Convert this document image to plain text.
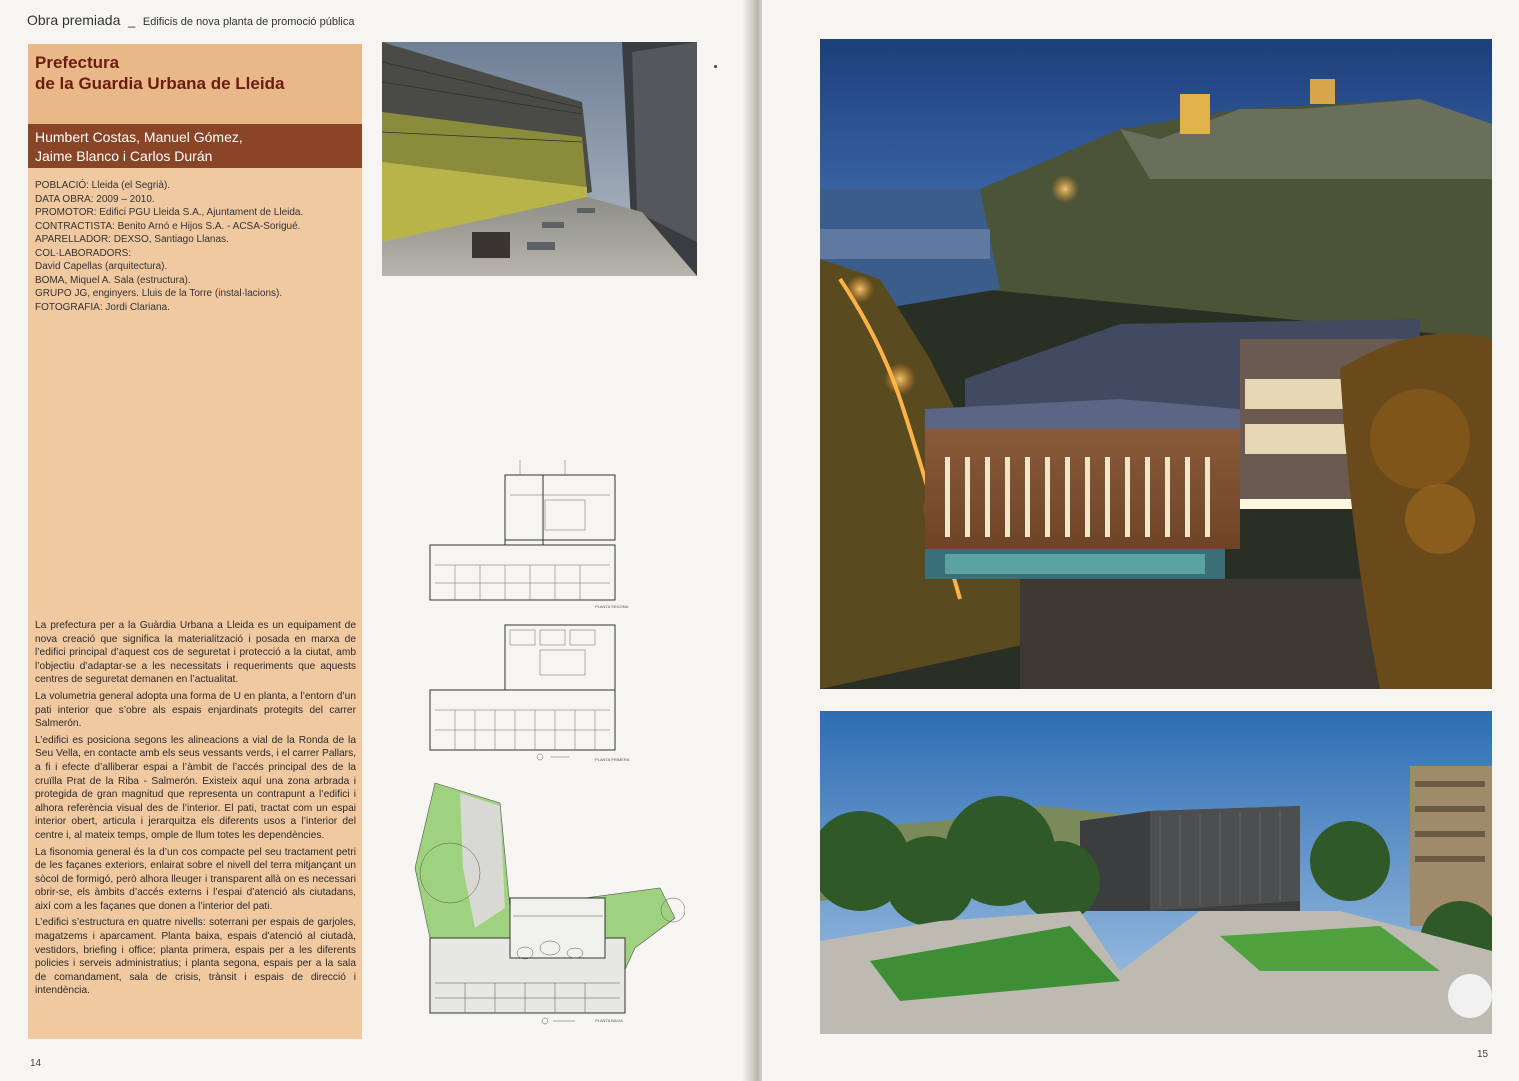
Obra premiada _ Edificis de nova planta de promoció pública
Prefectura
de la Guardia Urbana de Lleida
Humbert Costas, Manuel Gómez,
Jaime Blanco i Carlos Durán
POBLACIÓ: Lleida (el Segrià).
DATA OBRA: 2009 – 2010.
PROMOTOR: Edifici PGU Lleida S.A., Ajuntament de Lleida.
CONTRACTISTA: Benito Arnó e Hijos S.A. - ACSA-Sorigué.
APARELLADOR: DEXSO, Santiago Llanas.
COL·LABORADORS:
David Capellas (arquitectura).
BOMA, Miquel A. Sala (estructura).
GRUPO JG, enginyers. Lluis de la Torre (instal·lacions).
FOTOGRAFIA: Jordi Clariana.

La prefectura per a la Guàrdia Urbana a Lleida es un equipament de nova creació que significa la materialització i posada en marxa de l’edifici principal d’aquest cos de seguretat i protecció a la ciutat, amb l’objectiu d’adaptar-se a les necessitats i requeriments que aquests centres de seguretat demanen en l’actualitat.

La volumetria general adopta una forma de U en planta, a l’entorn d’un pati interior que s’obre als espais enjardinats protegits del carrer Salmerón.

L’edifici es posiciona segons les alineacions a vial de la Ronda de la Seu Vella, en contacte amb els seus vessants verds, i el carrer Pallars, a fi i efecte d’alliberar espai a l’àmbit de l’accés principal des de la cruïlla Prat de la Riba - Salmerón. Existeix aquí una zona arbrada i protegida de gran magnitud que representa un contrapunt a l’edifici i alhora referència visual des de l’interior. El pati, tractat com un espai interior obert, articula i jerarquitza els diferents usos a l’interior del centre i, al mateix temps, omple de llum totes les dependències.

La fisonomia general és la d’un cos compacte pel seu tractament petri de les façanes exteriors, enlairat sobre el nivell del terra mitjançant un sòcol de formigó, però alhora lleuger i transparent allà on es necessari obrir-se, els àmbits d’accés externs i l’espai d’atenció als ciutadans, així com a les façanes que donen a l’interior del pati.

L’edifici s’estructura en quatre nivells: soterrani per espais de garjoles, magatzems i aparcament. Planta baixa, espais d’atenció al ciutadà, vestidors, briefing i office; planta primera, espais per a les diferents policies i serveis administratius; i planta segona, espais per a la sala de comandament, sala de crisis, trànsit i espais de direcció i intendència.

PLANTA SEGONA
PLANTA PRIMERA
PLANTA BAIXA
14
15
